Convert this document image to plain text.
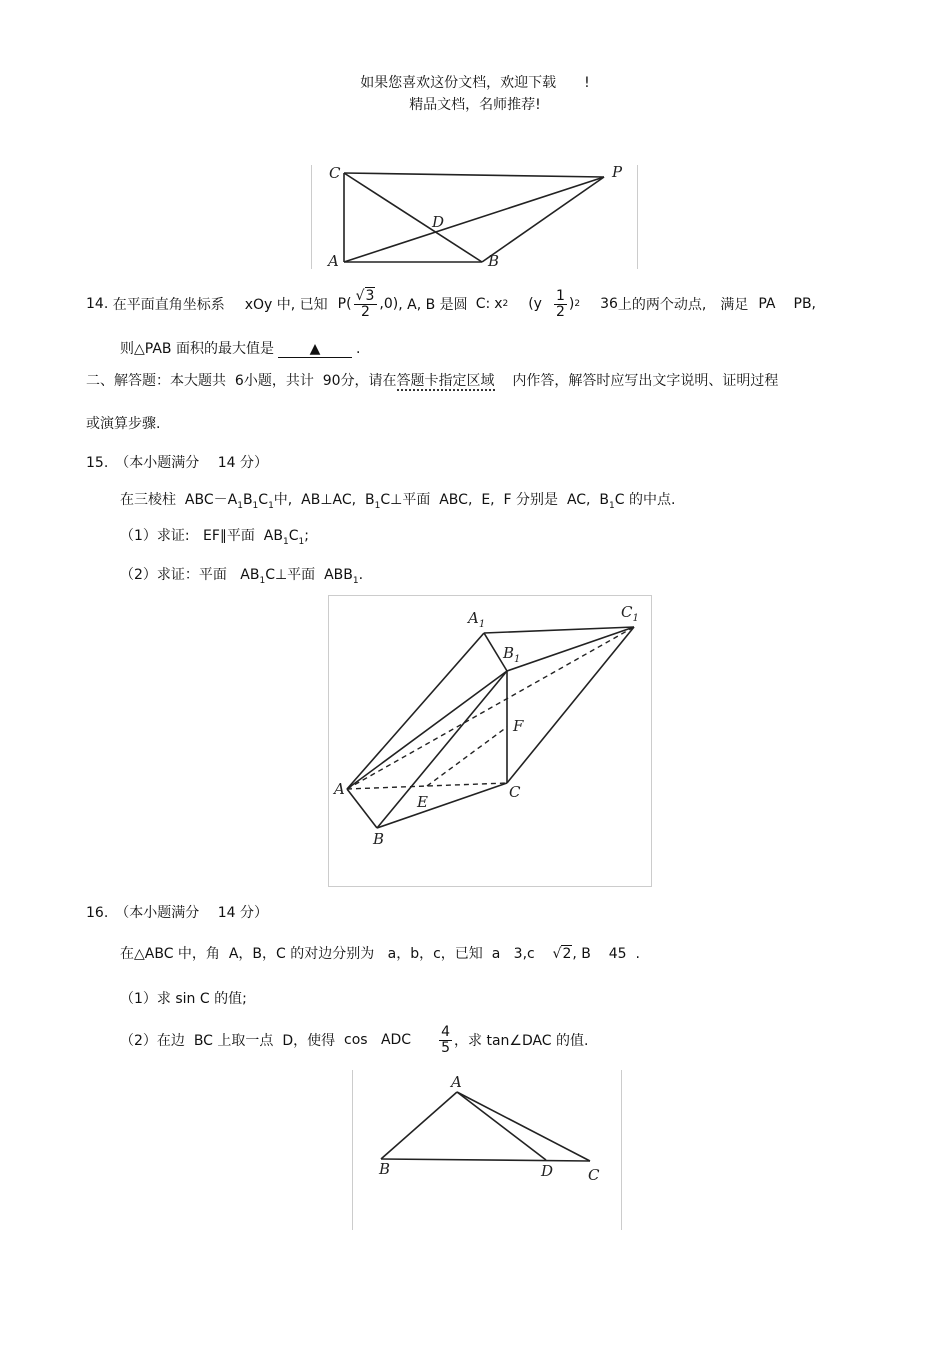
如果您喜欢这份文档，欢迎下载　　!
精品文档，名师推荐!
C	P
D
A	B
14.
在平面直角坐标系 xOy 中, 已知 $P( \frac{√3}{2} ,0)$ , A, B 是圆 C: x 2 ($y \frac{1}{2}$ ) 2 36 上的两个动点, 满足 PA PB ,
则△PAB 面积的最大值是	▲	.
二、解答题：本大题共 6小题，共计 90分，请在答题卡指定区域 内作答，解答时应写出文字说明、证明过程
或演算步骤.
15.　（本小题满分　 14 分）
在三棱柱 $ABC-A_1B_1C_1$中, AB⊥AC, $B_1C\perp$平面 ABC, E, F 分别是 AC, $B_1C$ 的中点.
（1）求证: EF∥平面 $AB_1C_1$;
（2）求证：平面 $AB_1C\perp$平面 $ABB_1$.
$A_1$
$C_1$
$B_1$
F
A
E
C
B
16.　（本小题满分　 14 分）
在△ABC 中，角 A，B，C 的对边分别为 a，b，c，已知 a 3,c    √2, B 45 .
（1）求 sin C 的值;
（2）在边
BC 上取一点
D，使得
cos
ADC $\frac{4}{5}$ ，求 tan∠DAC 的值.
A
B	D C
